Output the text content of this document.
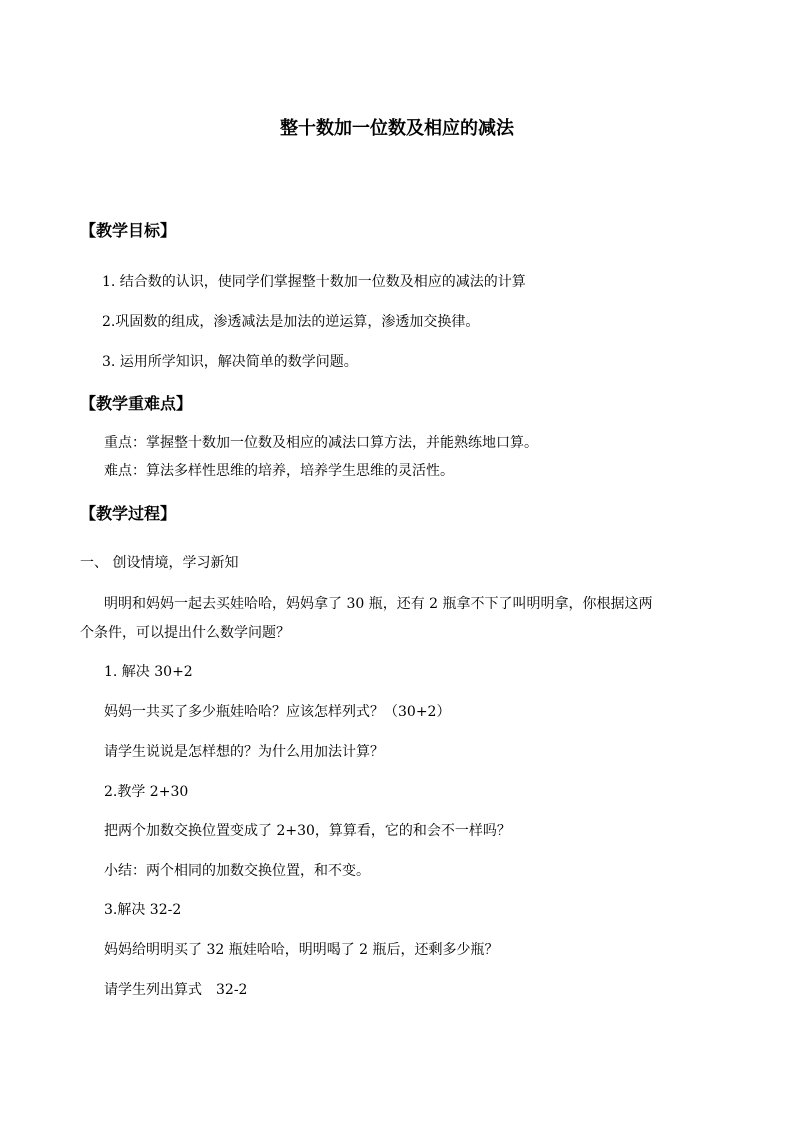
整十数加一位数及相应的减法
【教学目标】
1. 结合数的认识，使同学们掌握整十数加一位数及相应的减法的计算
2.巩固数的组成，渗透减法是加法的逆运算，渗透加交换律。
3. 运用所学知识，解决简单的数学问题。
【教学重难点】
重点：掌握整十数加一位数及相应的减法口算方法，并能熟练地口算。
难点：算法多样性思维的培养，培养学生思维的灵活性。
【教学过程】
一、 创设情境，学习新知
明明和妈妈一起去买娃哈哈，妈妈拿了 30 瓶，还有 2 瓶拿不下了叫明明拿，你根据这两
个条件，可以提出什么数学问题？
1. 解决 30+2
妈妈一共买了多少瓶娃哈哈？应该怎样列式？（30+2）
请学生说说是怎样想的？为什么用加法计算？
2.教学 2+30
把两个加数交换位置变成了 2+30，算算看，它的和会不一样吗？
小结：两个相同的加数交换位置，和不变。
3.解决 32-2
妈妈给明明买了 32 瓶娃哈哈，明明喝了 2 瓶后，还剩多少瓶？
请学生列出算式　32-2
